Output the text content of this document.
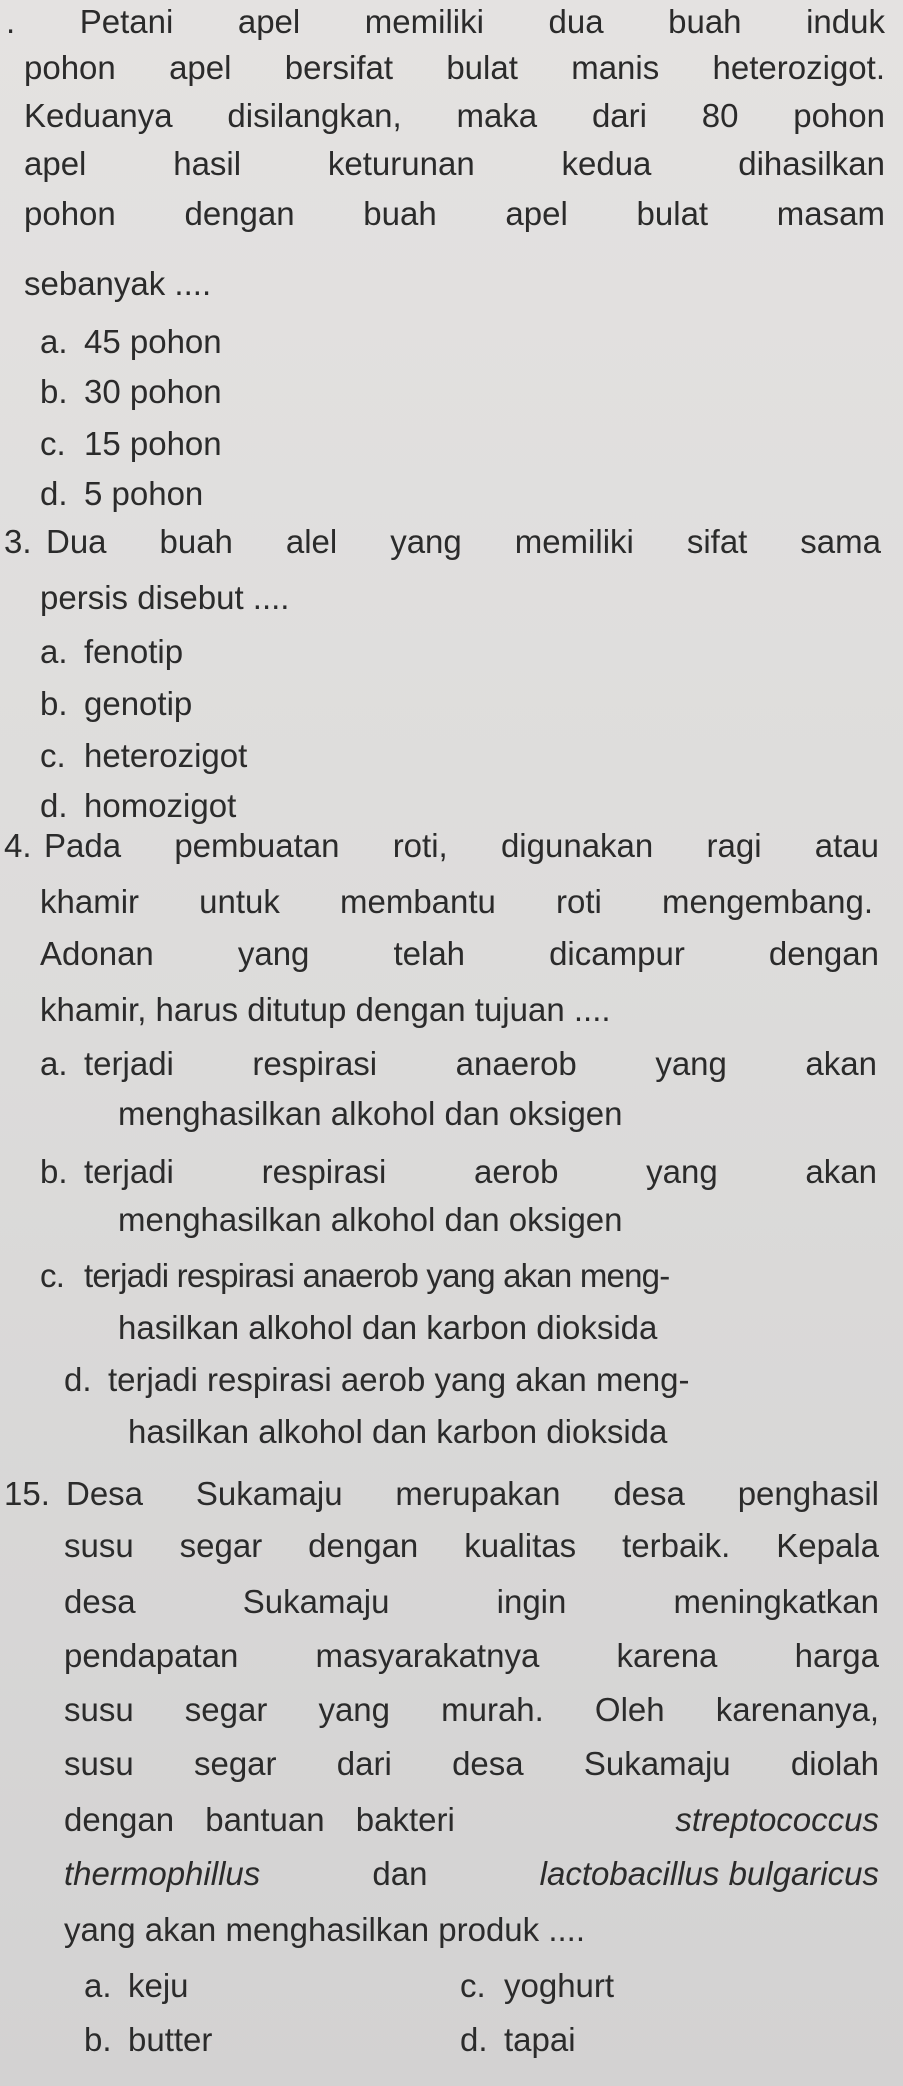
. Petani apel memiliki dua buah induk
pohon apel bersifat bulat manis heterozigot.
Keduanya disilangkan, maka dari 80 pohon
apel hasil keturunan kedua dihasilkan
pohon dengan buah apel bulat masam
sebanyak ....
a. 45 pohon
b. 30 pohon
c. 15 pohon
d. 5 pohon
3. Dua buah alel yang memiliki sifat sama
persis disebut ....
a. fenotip
b. genotip
c. heterozigot
d. homozigot
4. Pada pembuatan roti, digunakan ragi atau
khamir untuk membantu roti mengembang.
Adonan yang telah dicampur dengan
khamir, harus ditutup dengan tujuan ....
a. terjadi respirasi anaerob yang akan
menghasilkan alkohol dan oksigen
b. terjadi respirasi aerob yang akan
menghasilkan alkohol dan oksigen
c. terjadi respirasi anaerob yang akan meng-
hasilkan alkohol dan karbon dioksida
d. terjadi respirasi aerob yang akan meng-
hasilkan alkohol dan karbon dioksida
15. Desa Sukamaju merupakan desa penghasil
susu segar dengan kualitas terbaik. Kepala
desa Sukamaju ingin meningkatkan
pendapatan masyarakatnya karena harga
susu segar yang murah. Oleh karenanya,
susu segar dari desa Sukamaju diolah
dengan bantuan bakteri	streptococcus
thermophillus	dan	lactobacillus bulgaricus
yang akan menghasilkan produk ....
a. keju
b. butter
c. yoghurt
d. tapai
